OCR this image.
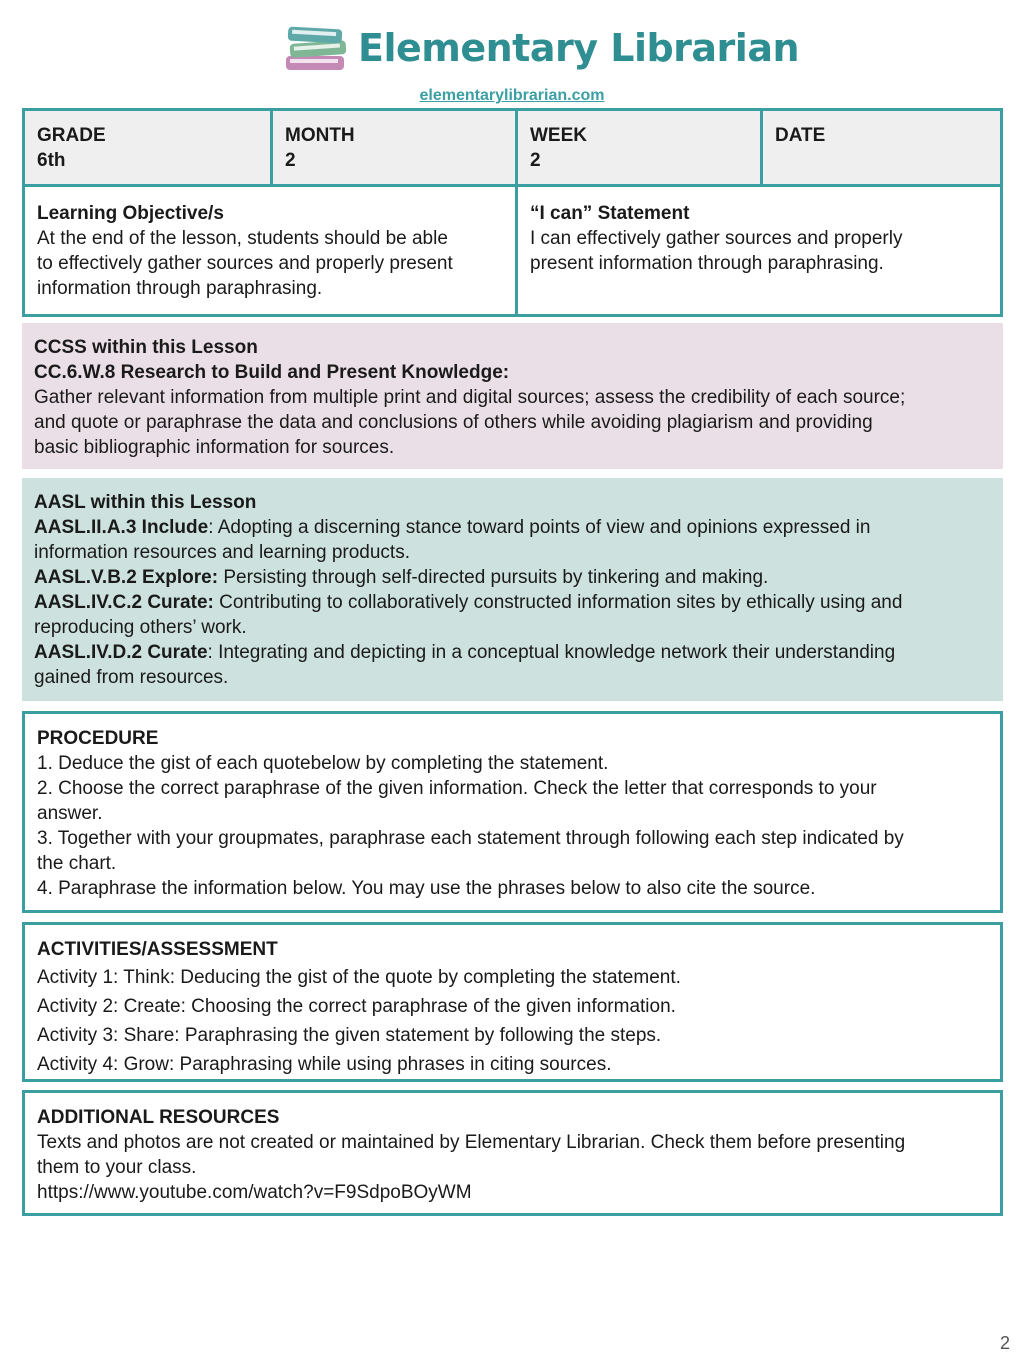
Elementary Librarian
elementarylibrarian.com
GRADE
6th
MONTH
2
WEEK
2
DATE
Learning Objective/s
At the end of the lesson, students should be able
to effectively gather sources and properly present
information through paraphrasing.
“I can” Statement
I can effectively gather sources and properly
present information through paraphrasing.
CCSS within this Lesson
CC.6.W.8 Research to Build and Present Knowledge:
Gather relevant information from multiple print and digital sources; assess the credibility of each source;
and quote or paraphrase the data and conclusions of others while avoiding plagiarism and providing
basic bibliographic information for sources.
AASL within this Lesson
AASL.II.A.3 Include: Adopting a discerning stance toward points of view and opinions expressed in
information resources and learning products.
AASL.V.B.2 Explore: Persisting through self-directed pursuits by tinkering and making.
AASL.IV.C.2 Curate: Contributing to collaboratively constructed information sites by ethically using and
reproducing others’ work.
AASL.IV.D.2 Curate: Integrating and depicting in a conceptual knowledge network their understanding
gained from resources.
PROCEDURE
1. Deduce the gist of each quotebelow by completing the statement.
2. Choose the correct paraphrase of the given information. Check the letter that corresponds to your
answer.
3. Together with your groupmates, paraphrase each statement through following each step indicated by
the chart.
4. Paraphrase the information below. You may use the phrases below to also cite the source.
ACTIVITIES/ASSESSMENT
Activity 1: Think: Deducing the gist of the quote by completing the statement.
Activity 2: Create: Choosing the correct paraphrase of the given information.
Activity 3: Share: Paraphrasing the given statement by following the steps.
Activity 4: Grow: Paraphrasing while using phrases in citing sources.
ADDITIONAL RESOURCES
Texts and photos are not created or maintained by Elementary Librarian. Check them before presenting
them to your class.
https://www.youtube.com/watch?v=F9SdpoBOyWM
2
